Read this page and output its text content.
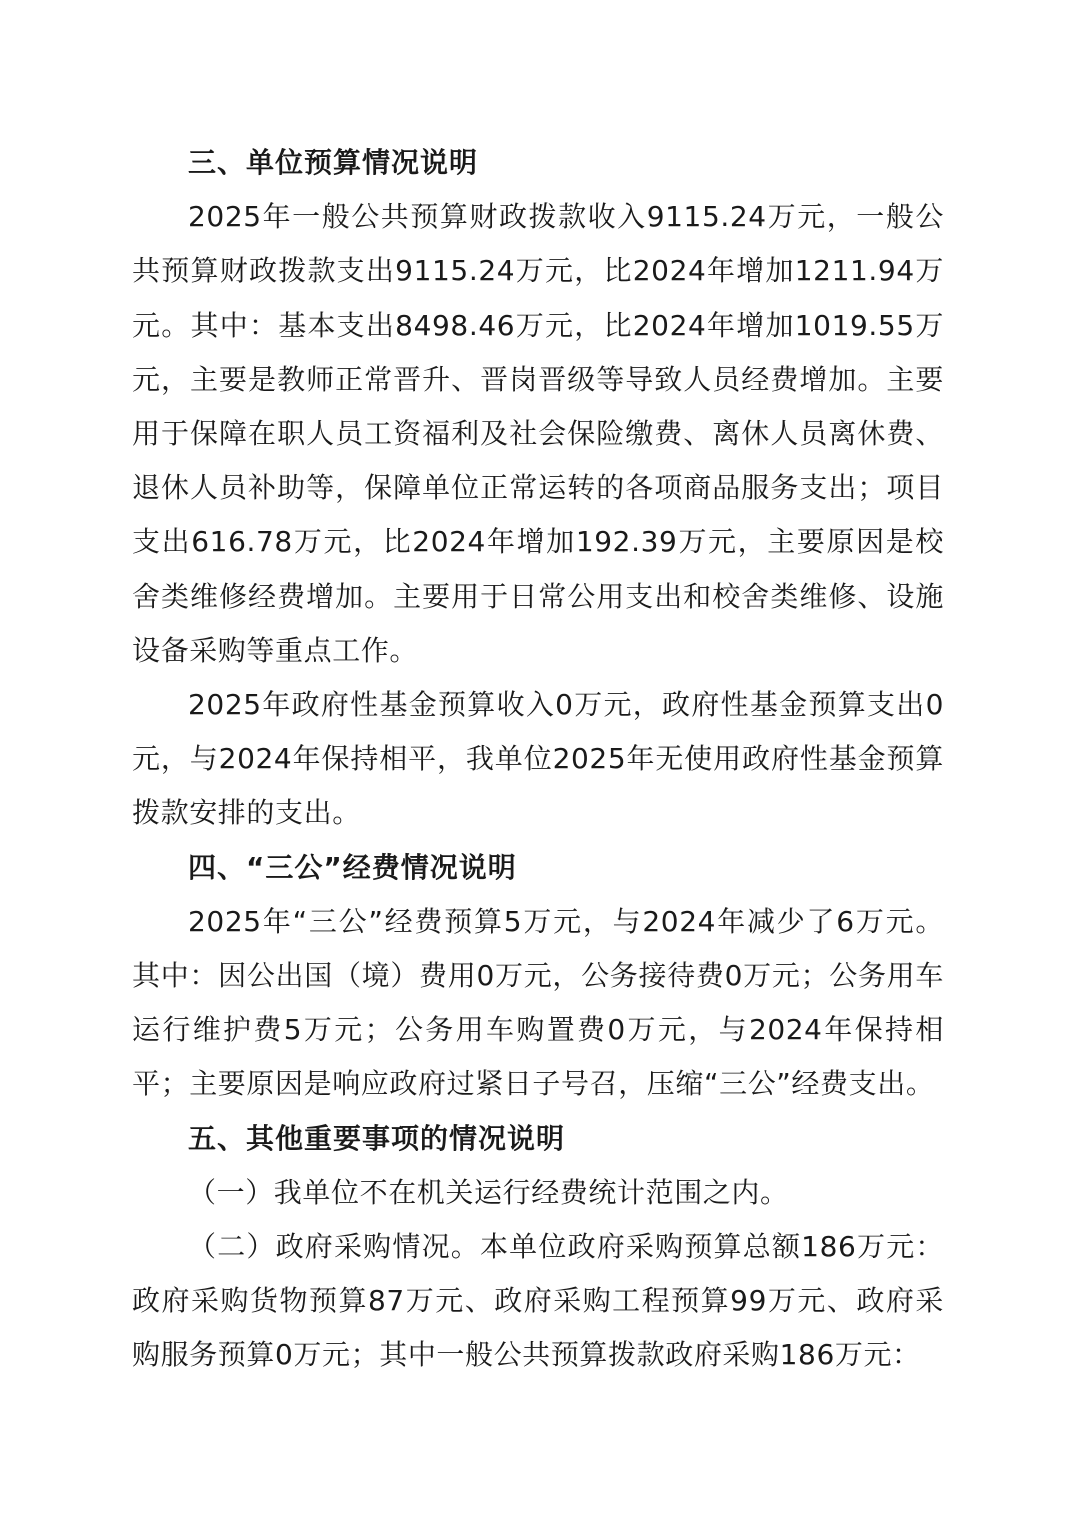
三、单位预算情况说明

2025年一般公共预算财政拨款收入9115.24万元，一般公共预算财政拨款支出9115.24万元，比2024年增加1211.94万元。其中：基本支出8498.46万元，比2024年增加1019.55万元，主要是教师正常晋升、晋岗晋级等导致人员经费增加。主要用于保障在职人员工资福利及社会保险缴费、离休人员离休费、退休人员补助等，保障单位正常运转的各项商品服务支出；项目支出616.78万元，比2024年增加192.39万元，主要原因是校舍类维修经费增加。主要用于日常公用支出和校舍类维修、设施设备采购等重点工作。

2025年政府性基金预算收入0万元，政府性基金预算支出0元，与2024年保持相平，我单位2025年无使用政府性基金预算拨款安排的支出。

四、“三公”经费情况说明

2025年“三公”经费预算5万元，与2024年减少了6万元。其中：因公出国（境）费用0万元，公务接待费0万元；公务用车运行维护费5万元；公务用车购置费0万元，与2024年保持相平；主要原因是响应政府过紧日子号召，压缩“三公”经费支出。

五、其他重要事项的情况说明

（一）我单位不在机关运行经费统计范围之内。

（二）政府采购情况。本单位政府采购预算总额186万元：政府采购货物预算87万元、政府采购工程预算99万元、政府采购服务预算0万元；其中一般公共预算拨款政府采购186万元：
